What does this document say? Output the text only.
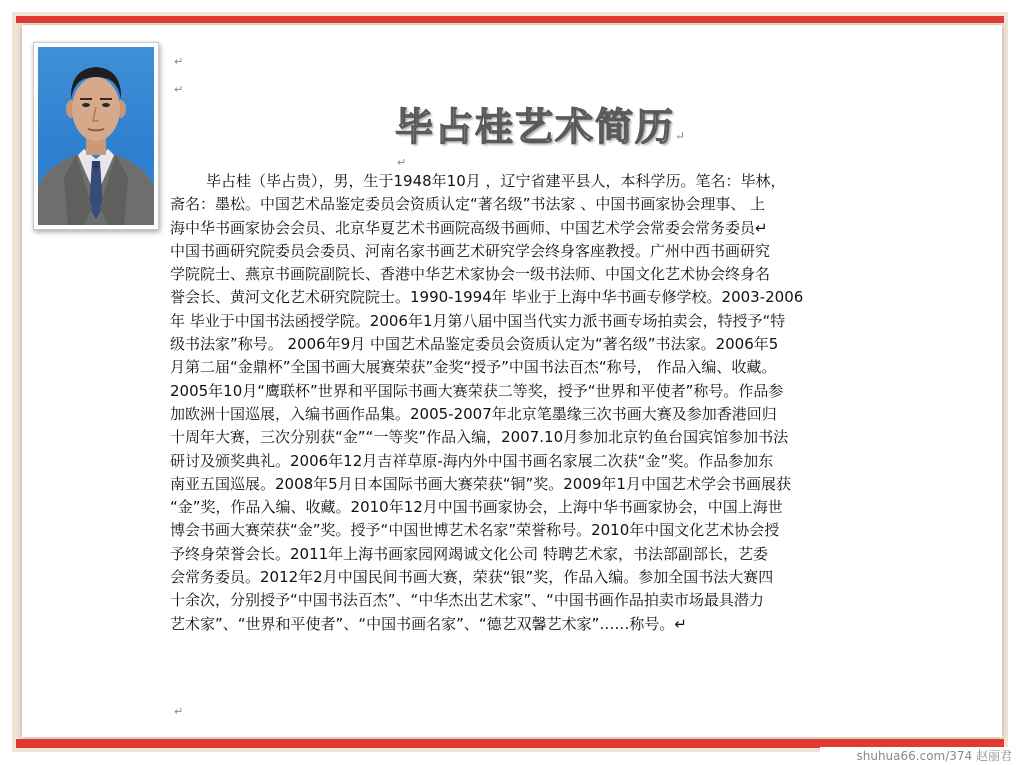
↵
↵
毕占桂艺术简历↵
↵
毕占桂（毕占贵），男，生于1948年10月 ，辽宁省建平县人，本科学历。笔名：毕林，
斋名：墨松。中国艺术品鉴定委员会资质认定“著名级”书法家 、中国书画家协会理事、 上
海中华书画家协会会员、北京华夏艺术书画院高级书画师、中国艺术学会常委会常务委员↵
中国书画研究院委员会委员、河南名家书画艺术研究学会终身客座教授。广州中西书画研究
学院院士、燕京书画院副院长、香港中华艺术家协会一级书法师、中国文化艺术协会终身名
誉会长、黄河文化艺术研究院院士。1990-1994年 毕业于上海中华书画专修学校。2003-2006
年 毕业于中国书法函授学院。2006年1月第八届中国当代实力派书画专场拍卖会，特授予“特
级书法家”称号。 2006年9月 中国艺术品鉴定委员会资质认定为“著名级”书法家。2006年5
月第二届“金鼎杯”全国书画大展赛荣获”金奖“授予”中国书法百杰“称号， 作品入编、收藏。
2005年10月“鹰联杯”世界和平国际书画大赛荣获二等奖，授予“世界和平使者”称号。作品参
加欧洲十国巡展，入编书画作品集。2005-2007年北京笔墨缘三次书画大赛及参加香港回归
十周年大赛，三次分别获“金”“一等奖”作品入编，2007.10月参加北京钓鱼台国宾馆参加书法
研讨及颁奖典礼。2006年12月吉祥草原-海内外中国书画名家展二次获“金”奖。作品参加东
南亚五国巡展。2008年5月日本国际书画大赛荣获“铜”奖。2009年1月中国艺术学会书画展获
“金”奖，作品入编、收藏。2010年12月中国书画家协会，上海中华书画家协会，中国上海世
博会书画大赛荣获“金”奖。授予“中国世博艺术名家”荣誉称号。2010年中国文化艺术协会授
予终身荣誉会长。2011年上海书画家园网竭诚文化公司 特聘艺术家，书法部副部长，艺委
会常务委员。2012年2月中国民间书画大赛，荣获“银”奖，作品入编。参加全国书法大赛四
十余次，分别授予“中国书法百杰”、“中华杰出艺术家”、“中国书画作品拍卖市场最具潜力
艺术家”、“世界和平使者”、“中国书画名家”、“德艺双馨艺术家”……称号。↵
↵
shuhua66.com/374 赵丽君
